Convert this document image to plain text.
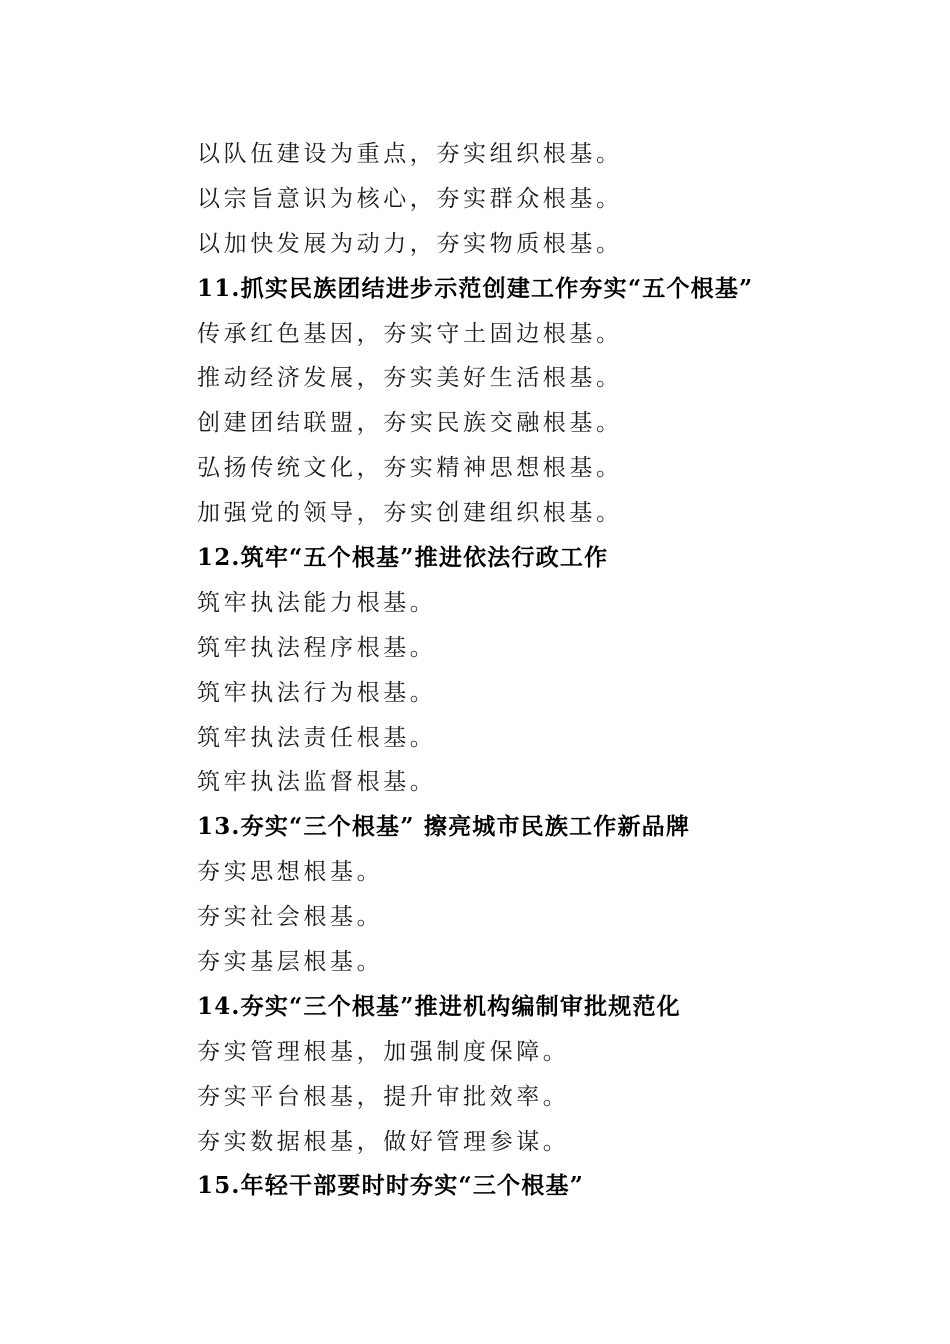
以队伍建设为重点，夯实组织根基。
以宗旨意识为核心，夯实群众根基。
以加快发展为动力，夯实物质根基。
11.抓实民族团结进步示范创建工作夯实“五个根基”
传承红色基因，夯实守土固边根基。
推动经济发展，夯实美好生活根基。
创建团结联盟，夯实民族交融根基。
弘扬传统文化，夯实精神思想根基。
加强党的领导，夯实创建组织根基。
12.筑牢“五个根基”推进依法行政工作
筑牢执法能力根基。
筑牢执法程序根基。
筑牢执法行为根基。
筑牢执法责任根基。
筑牢执法监督根基。
13.夯实“三个根基” 擦亮城市民族工作新品牌
夯实思想根基。
夯实社会根基。
夯实基层根基。
14.夯实“三个根基”推进机构编制审批规范化
夯实管理根基，加强制度保障。
夯实平台根基，提升审批效率。
夯实数据根基，做好管理参谋。
15.年轻干部要时时夯实“三个根基”
